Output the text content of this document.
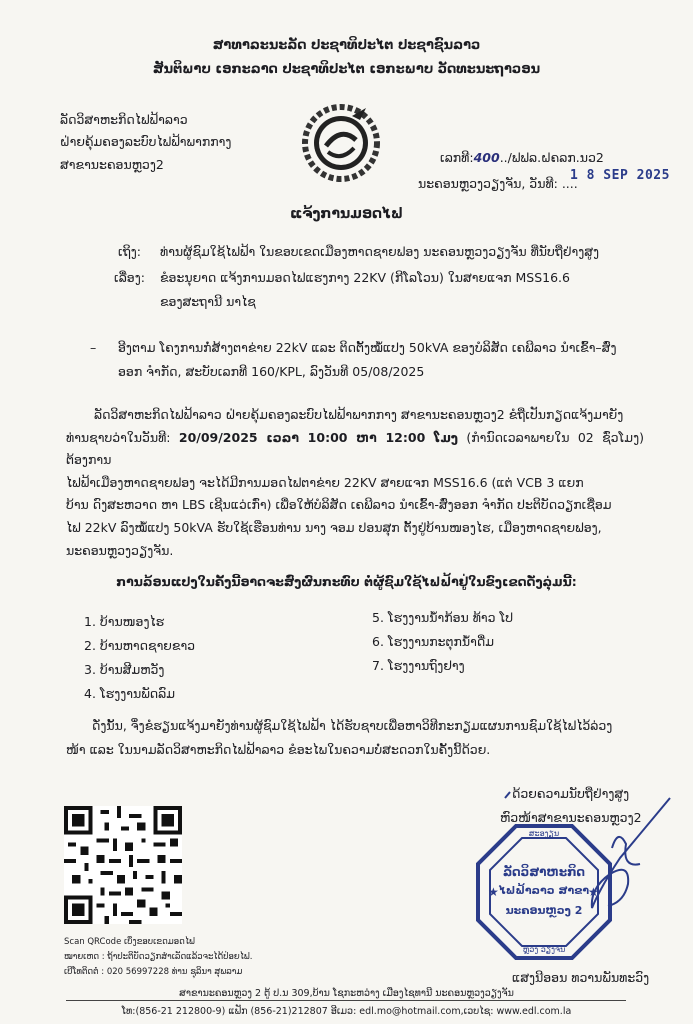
ສາທາລະນະລັດ ປະຊາທິປະໄຕ ປະຊາຊົນລາວ
ສັນຕິພາບ ເອກະລາດ ປະຊາທິປະໄຕ ເອກະພາບ ວັດທະນະຖາວອນ
ລັດວິສາຫະກິດໄຟຟ້າລາວ
ຝ່າຍຄຸ້ມຄອງລະບົບໄຟຟ້າພາກກາງ
ສາຂານະຄອນຫຼວງ2	ເລກທີ:400../ຟຟລ.ຝຄລກ.ນວ2
ນະຄອນຫຼວງວຽງຈັນ, ວັນທີ: ....
1 8 SEP 2025
ແຈ້ງການມອດໄຟ
ເຖິງ: ທ່ານຜູ້ຊົມໃຊ້ໄຟຟ້າ ໃນຂອບເຂດເມືອງຫາດຊາຍຟອງ ນະຄອນຫຼວງວຽງຈັນ ທີ່ນັບຖືຢ່າງສູງ
ເລື່ອງ: ຂໍອະນຸຍາດ ແຈ້ງການມອດໄຟແຮງກາງ 22KV (ກີໂລໂວນ) ໃນສາຍແຈກ MSS16.6
ຂອງສະຖານີ ນາໄຊ
– ອີງຕາມ ໂຄງການກໍ່ສ້າງຕາຂ່າຍ 22kV ແລະ ຕິດຕັ້ງໝໍ້ແປງ 50kVA ຂອງບໍລິສັດ ເຄພີລາວ ນຳເຂົ້າ–ສົ່ງ
ອອກ ຈຳກັດ, ສະບັບເລກທີ 160/KPL, ລົງວັນທີ 05/08/2025
ລັດວິສາຫະກິດໄຟຟ້າລາວ ຝ່າຍຄຸ້ມຄອງລະບົບໄຟຟ້າພາກກາງ ສາຂານະຄອນຫຼວງ2 ຂໍຖືເປັນກຽດແຈ້ງມາຍັງ
ທ່ານຊາບວ່າໃນວັນທີ: 20/09/2025 ເວລາ 10:00 ຫາ 12:00 ໂມງ (ກຳນົດເວລາພາຍໃນ 02 ຊົ່ວໂມງ) ຕ້ອງການ
ໄຟຟ້າເມືອງຫາດຊາຍຟອງ ຈະໄດ້ມີການມອດໄຟຕາຂ່າຍ 22KV ສາຍແຈກ MSS16.6 (ແຕ່ VCB 3 ແຍກ
ບ້ານ ດົງສະຫວາດ ຫາ LBS ເຊີນແວ່ເກົ່າ) ເພື່ອໃຫ້ບໍລິສັດ ເຄພີລາວ ນຳເຂົ້າ-ສົ່ງອອກ ຈຳກັດ ປະຕິບັດວຽກເຊື່ອມ
ໄຟ 22kV ລົງໝໍ້ແປງ 50kVA ຮັບໃຊ້ເຮືອນທ່ານ ນາງ ຈອມ ປອນສຸກ ຕັ້ງຢູ່ບ້ານໜອງໄຮ, ເມືອງຫາດຊາຍຟອງ,
ນະຄອນຫຼວງວຽງຈັນ.
ການລ້ອນແປງໃນຄັ້ງນີ້ອາດຈະສົ່ງຜົນກະທົບ ຕໍ່ຜູ້ຊົມໃຊ້ໄຟຟ້າຢູ່ໃນຂົງເຂດດັ່ງລຸ່ມນີ້:
1. ບ້ານໜອງໄຮ
2. ບ້ານຫາດຊາຍຂາວ
3. ບ້ານສີມຫວັງ
4. ໂຮງງານພັດລົມ
5. ໂຮງງານນໍ້າກ້ອນ ທ້າວ ໂປ
6. ໂຮງງານກະຕຸກນໍ້າດື່ມ
7. ໂຮງງານຖົງຢາງ
ດັ່ງນັ້ນ, ຈຶ່ງຂໍຮຽນແຈ້ງມາຍັງທ່ານຜູ້ຊົມໃຊ້ໄຟຟ້າ ໄດ້ຮັບຊາບເພື່ອຫາວິທີກະກຽມແຜນການຊົມໃຊ້ໄຟໄວ້ລ່ວງ
ໜ້າ ແລະ ໃນນາມລັດວິສາຫະກິດໄຟຟ້າລາວ ຂໍອະໄພໃນຄວາມບໍ່ສະດວກໃນຄັ້ງນີ້ດ້ວຍ.
ດ້ວຍຄວາມນັບຖືຢ່າງສູງ
ຫົວໜ້າສາຂານະຄອນຫຼວງ2
ສະອງຽນ
ລັດວິສາຫະກິດ
ໄຟຟ້າລາວ ສາຂາ
ນະຄອນຫຼວງ 2
ຫຼວງ ວຽງຈັນ
★	★
ແສງນີອອນ ທວານພັນທະວົງ
Scan QRCode ເບິ່ງຂອບເຂດມອດໄຟ
ໝາຍເຫດ : ຖ້າປະຕິບັດວຽກສໍາເລັດແລ້ວຈະໄດ້ປ່ອຍໄຟ.
ເບີໂທຕິດຕໍ່ : 020 56997228 ທ່ານ ຊຸລິນາ ສຸພລາມ
ສາຂານະຄອນຫຼວງ 2 ຕູ້ ປ.ນ 309,ບ້ານ ໂຊກະຫວ່າງ ເມືອງໄຊທານີ ນະຄອນຫຼວງວຽງຈັນ
ໂທ:(856-21 212800-9) ແຟັກ (856-21)212807 ອີເມວ: edl.mo@hotmail.com,ເວບໄຊ: www.edl.com.la
